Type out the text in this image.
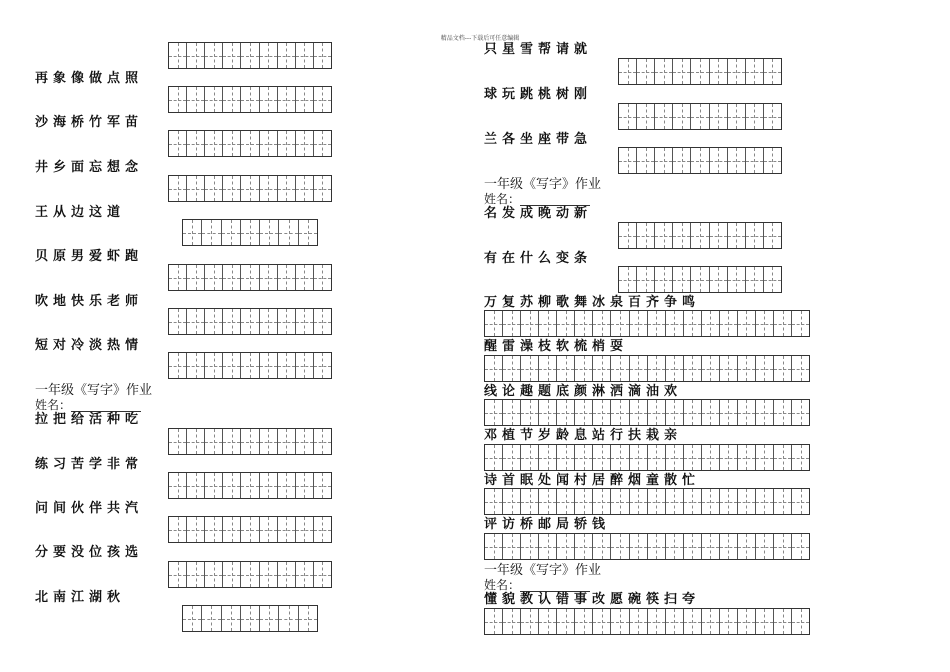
精品文档---下载后可任意编辑
再象像做点照
沙海桥竹军苗
井乡面忘想念
王从边这道
贝原男爱虾跑
吹地快乐老师
短对冷淡热情
一年级《写字》作业
姓名：
拉把给活种吃
练习苦学非常
问间伙伴共汽
分要没位孩选
北南江湖秋
只星雪帮请就
球玩跳桃树刚
兰各坐座带急
一年级《写字》作业
姓名：
名发成晚动新
有在什么变条
万复苏柳歌舞冰泉百齐争鸣
醒雷澡枝软梳梢耍
线论趣题底颜淋洒滴油欢
邓植节岁龄息站行扶栽亲
诗首眠处闻村居醉烟童散忙
评访桥邮局轿钱
一年级《写字》作业
姓名：
懂貌教认错事改愿碗筷扫夸
